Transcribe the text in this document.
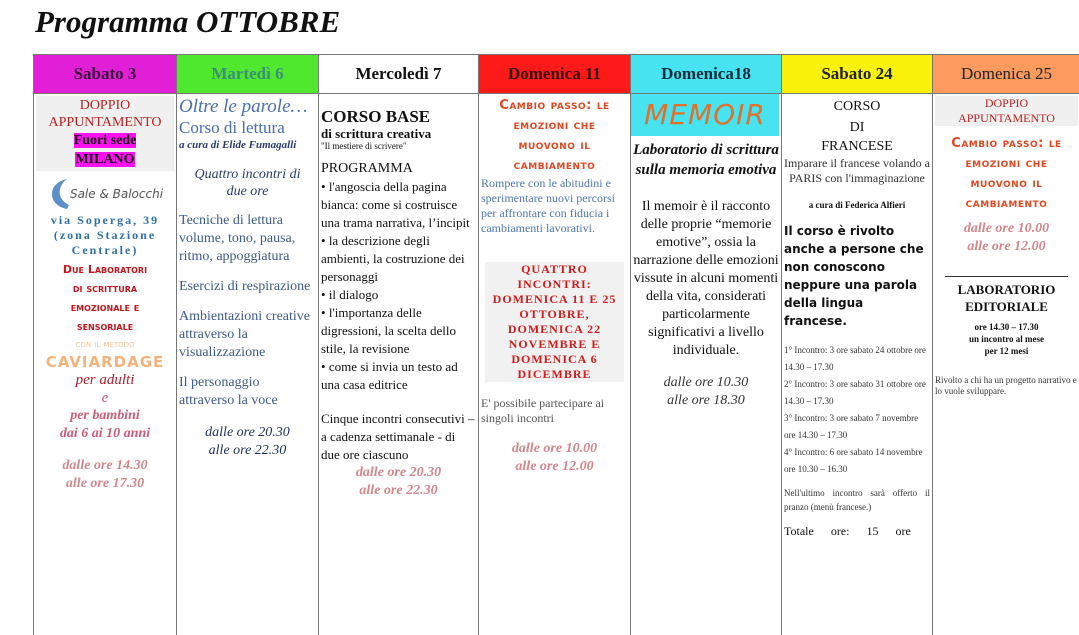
Programma OTTOBRE
Sabato 3
DOPPIO APPUNTAMENTO
Fuori sede
MILANO
Sale & Balocchi
via Soperga, 39
(zona Stazione Centrale)
Due Laboratori
di scrittura
emozionale e
sensoriale
con il metodo
CAVIARDAGE
per adulti
e
per bambini
dai 6 ai 10 anni
dalle ore 14.30
alle ore 17.30
Martedì 6
Oltre le parole…
Corso di lettura
a cura di Elide Fumagalli
Quattro incontri di due ore
Tecniche di lettura volume, tono, pausa, ritmo, appoggiatura
Esercizi di respirazione
Ambientazioni creative attraverso la visualizzazione
Il personaggio attraverso la voce
dalle ore 20.30
alle ore 22.30
Mercoledì 7
CORSO BASE
di scrittura creativa
"Il mestiere di scrivere"
PROGRAMMA
• l'angoscia della pagina bianca: come si costruisce una trama narrativa, l’incipit
• la descrizione degli ambienti, la costruzione dei personaggi
• il dialogo
• l'importanza delle digressioni, la scelta dello stile, la revisione
• come si invia un testo ad una casa editrice
Cinque incontri consecutivi – a cadenza settimanale - di due ore ciascuno
dalle ore 20.30
alle ore 22.30
Domenica 11
Cambio passo: le emozioni che muovono il cambiamento
Rompere con le abitudini e sperimentare nuovi percorsi per affrontare con fiducia i cambiamenti lavorativi.
QUATTRO INCONTRI: DOMENICA 11 E 25 OTTOBRE, DOMENICA 22 NOVEMBRE E DOMENICA 6 DICEMBRE
E' possibile partecipare ai singoli incontri
dalle ore 10.00
alle ore 12.00
Domenica18
MEMOIR
Laboratorio di scrittura sulla memoria emotiva
Il memoir è il racconto delle proprie “memorie emotive”, ossia la narrazione delle emozioni vissute in alcuni momenti della vita, considerati particolarmente significativi a livello individuale.
dalle ore 10.30
alle ore 18.30
Sabato 24
CORSO
DI
FRANCESE
Imparare il francese volando a PARIS con l'immaginazione
a cura di Federica Alfieri
Il corso è rivolto anche a persone che non conoscono neppure una parola della lingua francese.
1° Incontro: 3 ore sabato 24 ottobre ore 14.30 – 17.30
2° Incontro: 3 ore sabato 31 ottobre ore 14.30 – 17.30
3° Incontro: 3 ore sabato 7 novembre ore 14.30 – 17.30
4° Incontro: 6 ore sabato 14 novembre ore 10.30 – 16.30
Nell'ultimo incontro sarà offerto il pranzo (menù francese.)
Totale ore: 15 ore
Domenica 25
DOPPIO APPUNTAMENTO
Cambio passo: le emozioni che muovono il cambiamento
dalle ore 10.00
alle ore 12.00
LABORATORIO EDITORIALE
ore 14.30 – 17.30
un incontro al mese
per 12 mesi
Rivolto a chi ha un progetto narrativo e lo vuole sviluppare.
